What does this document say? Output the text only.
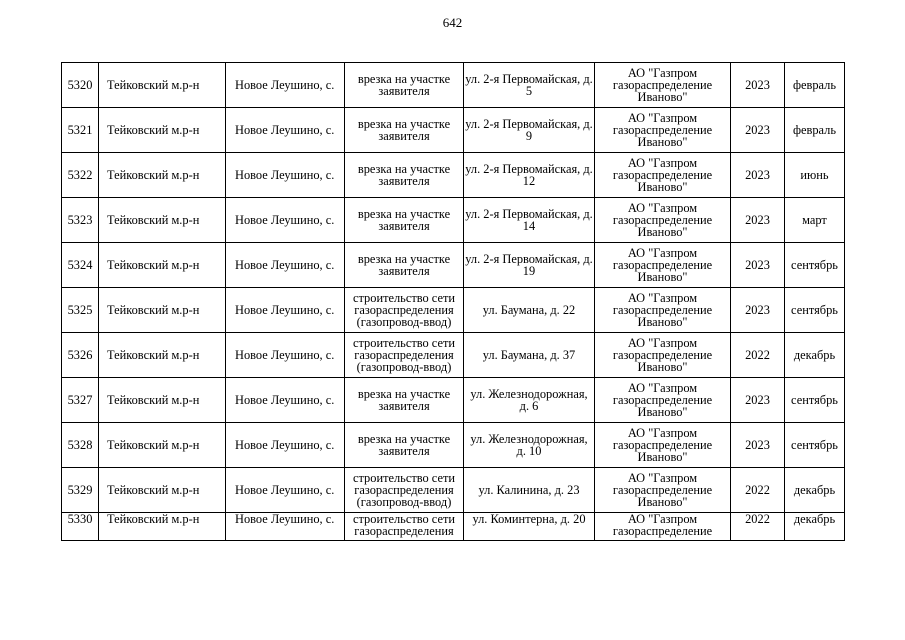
642
5320	Тейковский м.р-н	Новое Леушино, с.	врезка на участке заявителя	ул. 2-я Первомайская, д. 5	АО "Газпром газораспределение Иваново"	2023	февраль
5321	Тейковский м.р-н	Новое Леушино, с.	врезка на участке заявителя	ул. 2-я Первомайская, д. 9	АО "Газпром газораспределение Иваново"	2023	февраль
5322	Тейковский м.р-н	Новое Леушино, с.	врезка на участке заявителя	ул. 2-я Первомайская, д. 12	АО "Газпром газораспределение Иваново"	2023	июнь
5323	Тейковский м.р-н	Новое Леушино, с.	врезка на участке заявителя	ул. 2-я Первомайская, д. 14	АО "Газпром газораспределение Иваново"	2023	март
5324	Тейковский м.р-н	Новое Леушино, с.	врезка на участке заявителя	ул. 2-я Первомайская, д. 19	АО "Газпром газораспределение Иваново"	2023	сентябрь
5325	Тейковский м.р-н	Новое Леушино, с.	строительство сети газораспределения (газопровод-ввод)	ул. Баумана, д. 22	АО "Газпром газораспределение Иваново"	2023	сентябрь
5326	Тейковский м.р-н	Новое Леушино, с.	строительство сети газораспределения (газопровод-ввод)	ул. Баумана, д. 37	АО "Газпром газораспределение Иваново"	2022	декабрь
5327	Тейковский м.р-н	Новое Леушино, с.	врезка на участке заявителя	ул. Железнодорожная, д. 6	АО "Газпром газораспределение Иваново"	2023	сентябрь
5328	Тейковский м.р-н	Новое Леушино, с.	врезка на участке заявителя	ул. Железнодорожная, д. 10	АО "Газпром газораспределение Иваново"	2023	сентябрь
5329	Тейковский м.р-н	Новое Леушино, с.	строительство сети газораспределения (газопровод-ввод)	ул. Калинина, д. 23	АО "Газпром газораспределение Иваново"	2022	декабрь
5330	Тейковский м.р-н	Новое Леушино, с.	строительство сети газораспределения	ул. Коминтерна, д. 20	АО "Газпром газораспределение	2022	декабрь
